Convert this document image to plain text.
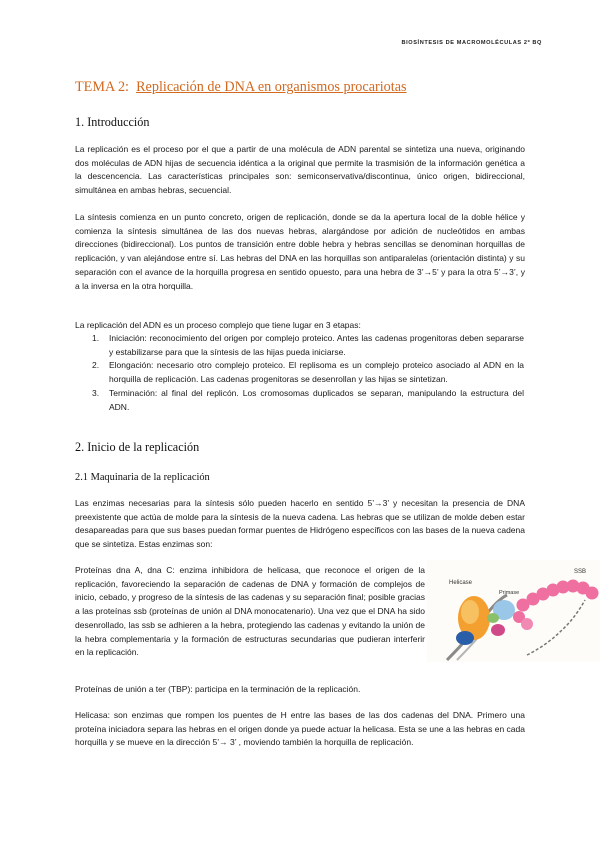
BIOSÍNTESIS DE MACROMOLÉCULAS 2º BQ
TEMA 2: Replicación de DNA en organismos procariotas
1. Introducción
La replicación es el proceso por el que a partir de una molécula de ADN parental se sintetiza una nueva, originando dos moléculas de ADN hijas de secuencia idéntica a la original que permite la trasmisión de la información genética a la descencencia. Las características principales son: semiconservativa/discontinua, único origen, bidireccional, simultánea en ambas hebras, secuencial.
La síntesis comienza en un punto concreto, origen de replicación, donde se da la apertura local de la doble hélice y comienza la síntesis simultánea de las dos nuevas hebras, alargándose por adición de nucleótidos en ambas direcciones (bidireccional). Los puntos de transición entre doble hebra y hebras sencillas se denominan horquillas de replicación, y van alejándose entre sí. Las hebras del DNA en las horquillas son antiparalelas (orientación distinta) y su separación con el avance de la horquilla progresa en sentido opuesto, para una hebra de 3’→5’ y para la otra 5’→3’, y a la inversa en la otra horquilla.
La replicación del ADN es un proceso complejo que tiene lugar en 3 etapas:
1. Iniciación: reconocimiento del origen por complejo proteico. Antes las cadenas progenitoras deben separarse y estabilizarse para que la síntesis de las hijas pueda iniciarse.
2. Elongación: necesario otro complejo proteico. El replisoma es un complejo proteico asociado al ADN en la horquilla de replicación. Las cadenas progenitoras se desenrollan y las hijas se sintetizan.
3. Terminación: al final del replicón. Los cromosomas duplicados se separan, manipulando la estructura del ADN.
2. Inicio de la replicación
2.1 Maquinaria de la replicación
Las enzimas necesarias para la síntesis sólo pueden hacerlo en sentido 5’→3’ y necesitan la presencia de DNA preexistente que actúa de molde para la síntesis de la nueva cadena. Las hebras que se utilizan de molde deben estar desapareadas para que sus bases puedan formar puentes de Hidrógeno específicos con las bases de la nueva cadena que se sintetiza. Estas enzimas son:
Proteínas dna A, dna C: enzima inhibidora de helicasa, que reconoce el origen de la replicación, favoreciendo la separación de cadenas de DNA y formación de complejos de inicio, cebado, y progreso de la síntesis de las cadenas y su separación final; posible gracias a las proteínas ssb (proteínas de unión al DNA monocatenario). Una vez que el DNA ha sido desenrollado, las ssb se adhieren a la hebra, protegiendo las cadenas y evitando la unión de la hebra complementaria y la formación de estructuras secundarias que pudieran interferir en la replicación.
Proteínas de unión a ter (TBP): participa en la terminación de la replicación.
Helicasa: son enzimas que rompen los puentes de H entre las bases de las dos cadenas del DNA. Primero una proteína iniciadora separa las hebras en el origen donde ya puede actuar la helicasa. Esta se une a las hebras en cada horquilla y se mueve en la dirección 5’→ 3’ , moviendo también la horquilla de replicación.
SSB
Helicase
Primase
